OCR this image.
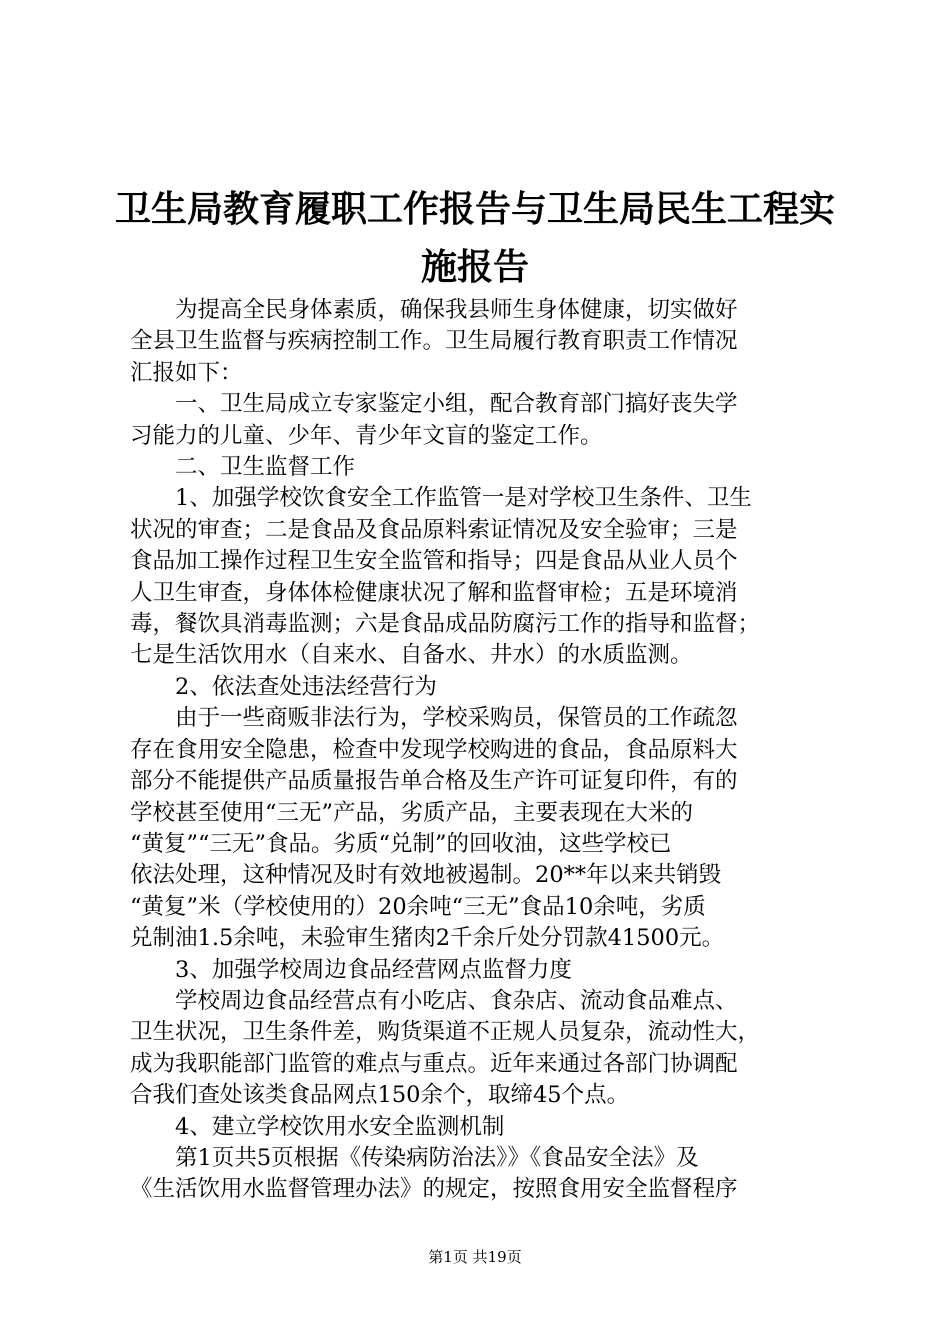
卫生局教育履职工作报告与卫生局民生工程实
施报告

　　为提高全民身体素质，确保我县师生身体健康，切实做好
全县卫生监督与疾病控制工作。卫生局履行教育职责工作情况
汇报如下：
　　一、卫生局成立专家鉴定小组，配合教育部门搞好丧失学
习能力的儿童、少年、青少年文盲的鉴定工作。
　　二、卫生监督工作
　　1、加强学校饮食安全工作监管一是对学校卫生条件、卫生
状况的审查；二是食品及食品原料索证情况及安全验审；三是
食品加工操作过程卫生安全监管和指导；四是食品从业人员个
人卫生审查，身体体检健康状况了解和监督审检；五是环境消
毒，餐饮具消毒监测；六是食品成品防腐污工作的指导和监督；
七是生活饮用水（自来水、自备水、井水）的水质监测。
　　2、依法查处违法经营行为
　　由于一些商贩非法行为，学校采购员，保管员的工作疏忽
存在食用安全隐患，检查中发现学校购进的食品，食品原料大
部分不能提供产品质量报告单合格及生产许可证复印件，有的
学校甚至使用“三无”产品，劣质产品，主要表现在大米的
“黄复”“三无”食品。劣质“兑制”的回收油，这些学校已
依法处理，这种情况及时有效地被遏制。20**年以来共销毁
“黄复”米（学校使用的）20余吨“三无”食品10余吨，劣质
兑制油1.5余吨，未验审生猪肉2千余斤处分罚款41500元。
　　3、加强学校周边食品经营网点监督力度
　　学校周边食品经营点有小吃店、食杂店、流动食品难点、
卫生状况，卫生条件差，购货渠道不正规人员复杂，流动性大，
成为我职能部门监管的难点与重点。近年来通过各部门协调配
合我们查处该类食品网点150余个，取缔45个点。
　　4、建立学校饮用水安全监测机制
　　第1页共5页根据《传染病防治法》》《食品安全法》及
《生活饮用水监督管理办法》的规定，按照食用安全监督程序

第1页 共19页
